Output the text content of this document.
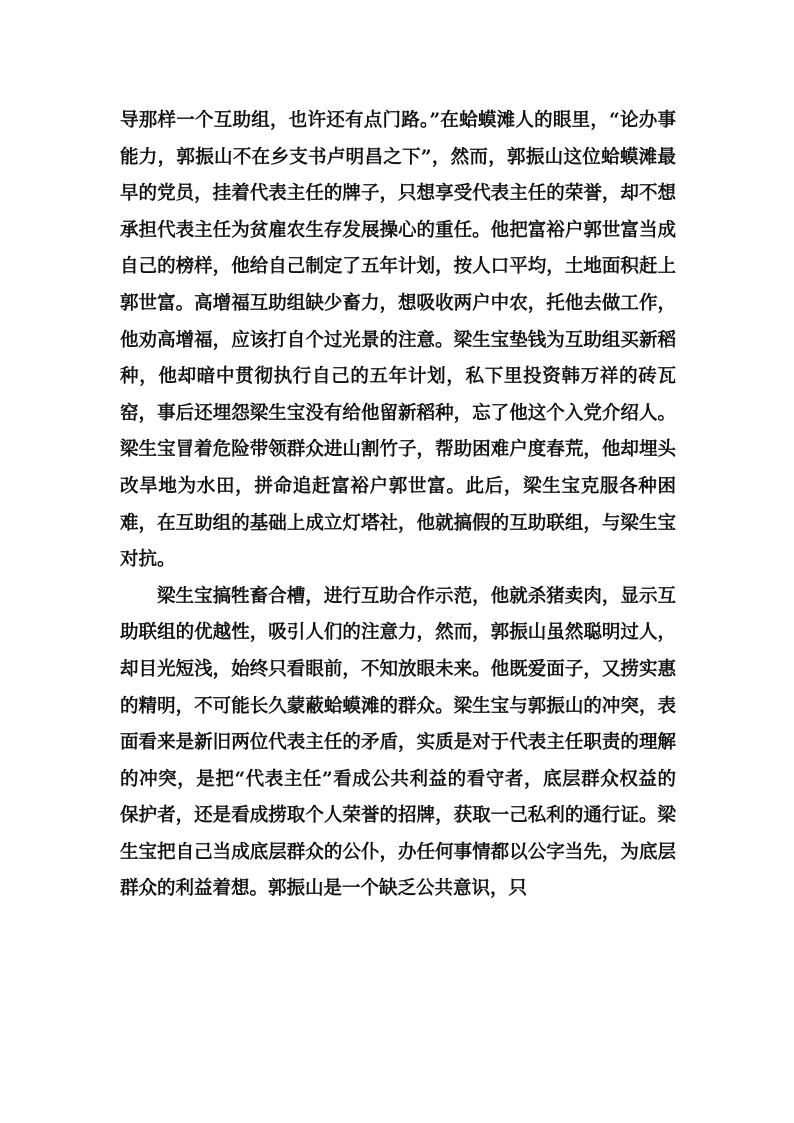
导那样一个互助组，也许还有点门路。”在蛤蟆滩人的眼里，“论办事能力，郭振山不在乡支书卢明昌之下”，然而，郭振山这位蛤蟆滩最早的党员，挂着代表主任的牌子，只想享受代表主任的荣誉，却不想承担代表主任为贫雇农生存发展操心的重任。他把富裕户郭世富当成自己的榜样，他给自己制定了五年计划，按人口平均，土地面积赶上郭世富。高增福互助组缺少畜力，想吸收两户中农，托他去做工作，他劝高增福，应该打自个过光景的注意。梁生宝垫钱为互助组买新稻种，他却暗中贯彻执行自己的五年计划，私下里投资韩万祥的砖瓦窑，事后还埋怨梁生宝没有给他留新稻种，忘了他这个入党介绍人。梁生宝冒着危险带领群众进山割竹子，帮助困难户度春荒，他却埋头改旱地为水田，拼命追赶富裕户郭世富。此后，梁生宝克服各种困难，在互助组的基础上成立灯塔社，他就搞假的互助联组，与梁生宝对抗。

梁生宝搞牲畜合槽，进行互助合作示范，他就杀猪卖肉，显示互助联组的优越性，吸引人们的注意力，然而，郭振山虽然聪明过人，却目光短浅，始终只看眼前，不知放眼未来。他既爱面子，又捞实惠的精明，不可能长久蒙蔽蛤蟆滩的群众。梁生宝与郭振山的冲突，表面看来是新旧两位代表主任的矛盾，实质是对于代表主任职责的理解的冲突，是把“代表主任”看成公共利益的看守者，底层群众权益的保护者，还是看成捞取个人荣誉的招牌，获取一己私利的通行证。梁生宝把自己当成底层群众的公仆，办任何事情都以公字当先，为底层群众的利益着想。郭振山是一个缺乏公共意识，只
